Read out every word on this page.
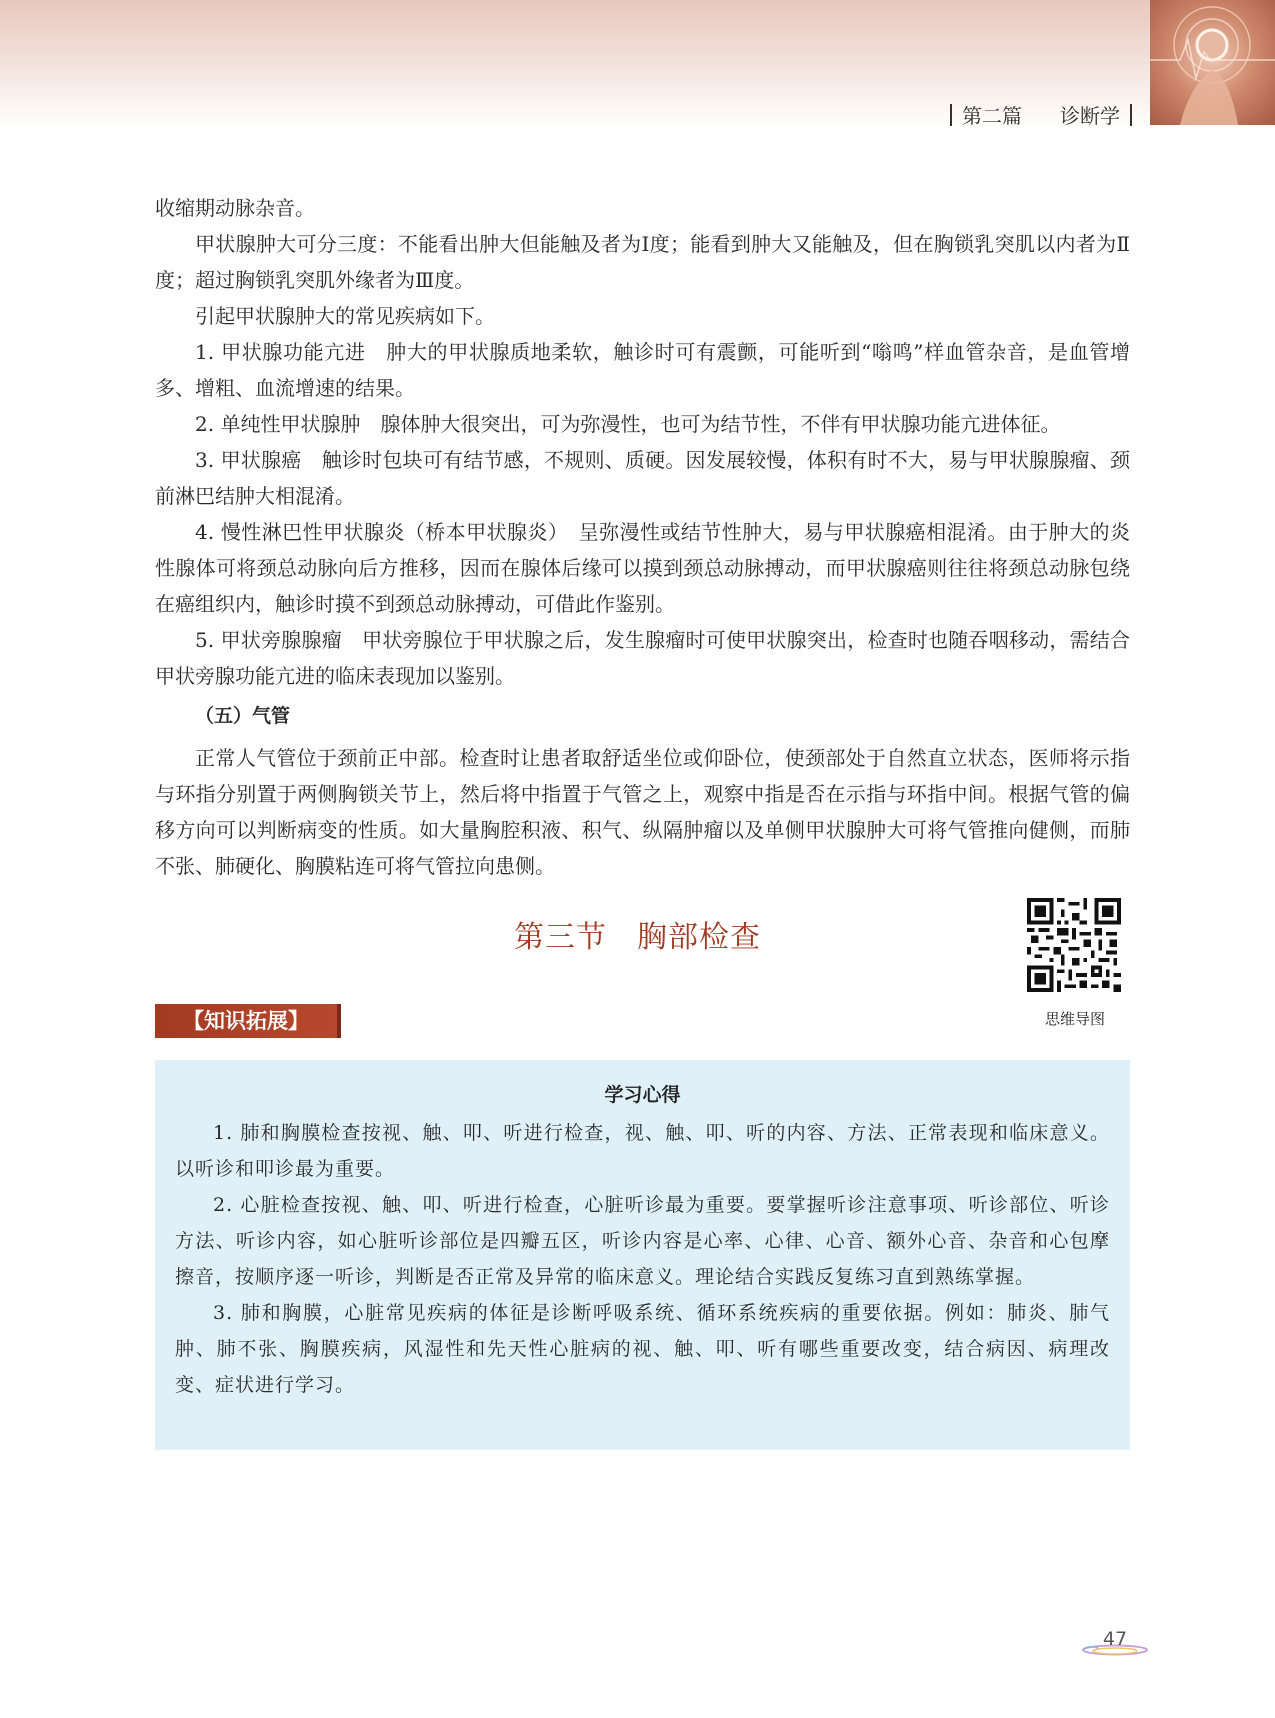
第二篇 诊断学

收缩期动脉杂音。

甲状腺肿大可分三度：不能看出肿大但能触及者为Ⅰ度；能看到肿大又能触及，但在胸锁乳突肌以内者为Ⅱ度；超过胸锁乳突肌外缘者为Ⅲ度。

引起甲状腺肿大的常见疾病如下。

1. 甲状腺功能亢进　肿大的甲状腺质地柔软，触诊时可有震颤，可能听到“嗡鸣”样血管杂音，是血管增多、增粗、血流增速的结果。

2. 单纯性甲状腺肿　腺体肿大很突出，可为弥漫性，也可为结节性，不伴有甲状腺功能亢进体征。

3. 甲状腺癌　触诊时包块可有结节感，不规则、质硬。因发展较慢，体积有时不大，易与甲状腺腺瘤、颈前淋巴结肿大相混淆。

4. 慢性淋巴性甲状腺炎（桥本甲状腺炎）　呈弥漫性或结节性肿大，易与甲状腺癌相混淆。由于肿大的炎性腺体可将颈总动脉向后方推移，因而在腺体后缘可以摸到颈总动脉搏动，而甲状腺癌则往往将颈总动脉包绕在癌组织内，触诊时摸不到颈总动脉搏动，可借此作鉴别。

5. 甲状旁腺腺瘤　甲状旁腺位于甲状腺之后，发生腺瘤时可使甲状腺突出，检查时也随吞咽移动，需结合甲状旁腺功能亢进的临床表现加以鉴别。

（五）气管

正常人气管位于颈前正中部。检查时让患者取舒适坐位或仰卧位，使颈部处于自然直立状态，医师将示指与环指分别置于两侧胸锁关节上，然后将中指置于气管之上，观察中指是否在示指与环指中间。根据气管的偏移方向可以判断病变的性质。如大量胸腔积液、积气、纵隔肿瘤以及单侧甲状腺肿大可将气管推向健侧，而肺不张、肺硬化、胸膜粘连可将气管拉向患侧。

第三节 胸部检查
思维导图
【知识拓展】
学习心得

1. 肺和胸膜检查按视、触、叩、听进行检查，视、触、叩、听的内容、方法、正常表现和临床意义。以听诊和叩诊最为重要。

2. 心脏检查按视、触、叩、听进行检查，心脏听诊最为重要。要掌握听诊注意事项、听诊部位、听诊方法、听诊内容，如心脏听诊部位是四瓣五区，听诊内容是心率、心律、心音、额外心音、杂音和心包摩擦音，按顺序逐一听诊，判断是否正常及异常的临床意义。理论结合实践反复练习直到熟练掌握。

3. 肺和胸膜，心脏常见疾病的体征是诊断呼吸系统、循环系统疾病的重要依据。例如：肺炎、肺气肿、肺不张、胸膜疾病，风湿性和先天性心脏病的视、触、叩、听有哪些重要改变，结合病因、病理改变、症状进行学习。

47
